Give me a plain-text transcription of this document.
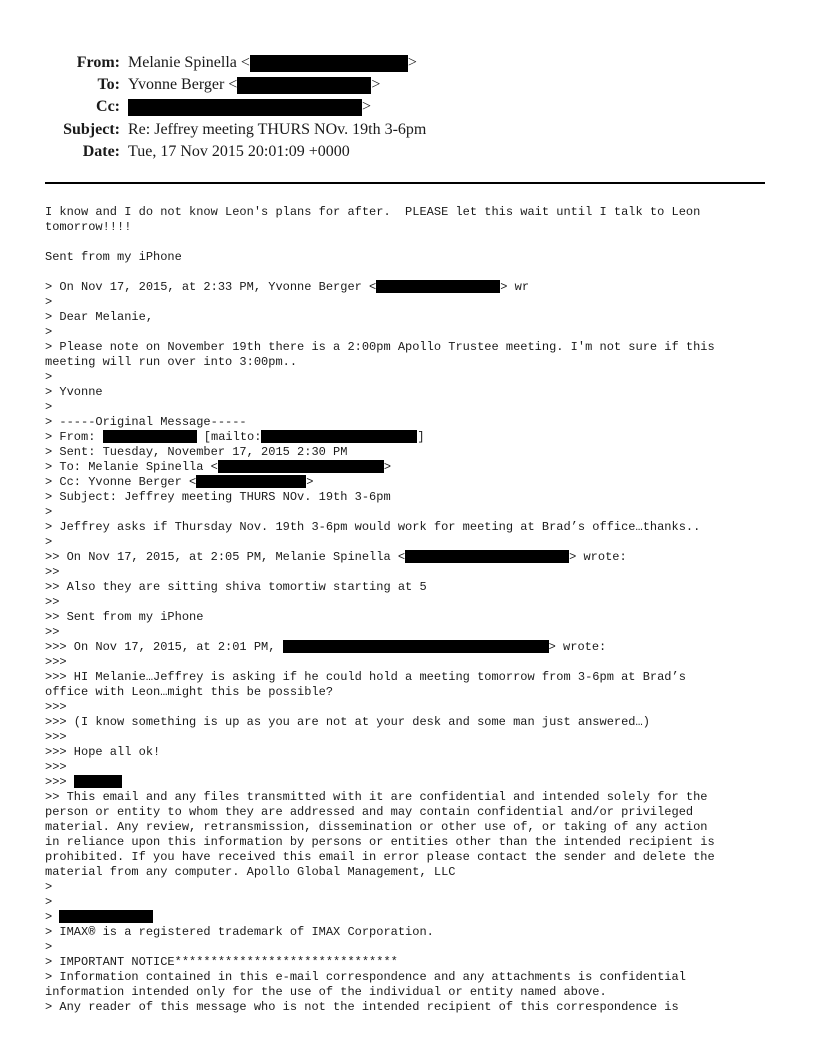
From: Melanie Spinella <	>
To: Yvonne Berger <	>
Cc:	>
Subject: Re: Jeffrey meeting THURS NOv. 19th 3-6pm
Date: Tue, 17 Nov 2015 20:01:09 +0000
I know and I do not know Leon's plans for after.  PLEASE let this wait until I talk to Leon
tomorrow!!!!
Sent from my iPhone
> On Nov 17, 2015, at 2:33 PM, Yvonne Berger <	> wr
>
> Dear Melanie,
>
> Please note on November 19th there is a 2:00pm Apollo Trustee meeting. I'm not sure if this
meeting will run over into 3:00pm..
>
> Yvonne
>
> -----Original Message-----
> From:	[mailto:	]
> Sent: Tuesday, November 17, 2015 2:30 PM
> To: Melanie Spinella <	>
> Cc: Yvonne Berger <	>
> Subject: Jeffrey meeting THURS NOv. 19th 3-6pm
>
> Jeffrey asks if Thursday Nov. 19th 3-6pm would work for meeting at Brad’s office…thanks..
>
>> On Nov 17, 2015, at 2:05 PM, Melanie Spinella <	> wrote:
>>
>> Also they are sitting shiva tomortiw starting at 5
>>
>> Sent from my iPhone
>>
>>> On Nov 17, 2015, at 2:01 PM,	> wrote:
>>>
>>> HI Melanie…Jeffrey is asking if he could hold a meeting tomorrow from 3-6pm at Brad’s
office with Leon…might this be possible?
>>>
>>> (I know something is up as you are not at your desk and some man just answered…)
>>>
>>> Hope all ok!
>>>
>>>
>> This email and any files transmitted with it are confidential and intended solely for the
person or entity to whom they are addressed and may contain confidential and/or privileged
material. Any review, retransmission, dissemination or other use of, or taking of any action
in reliance upon this information by persons or entities other than the intended recipient is
prohibited. If you have received this email in error please contact the sender and delete the
material from any computer. Apollo Global Management, LLC
>
>
>
> IMAX® is a registered trademark of IMAX Corporation.
>
> IMPORTANT NOTICE*******************************
> Information contained in this e-mail correspondence and any attachments is confidential
information intended only for the use of the individual or entity named above.
> Any reader of this message who is not the intended recipient of this correspondence is
